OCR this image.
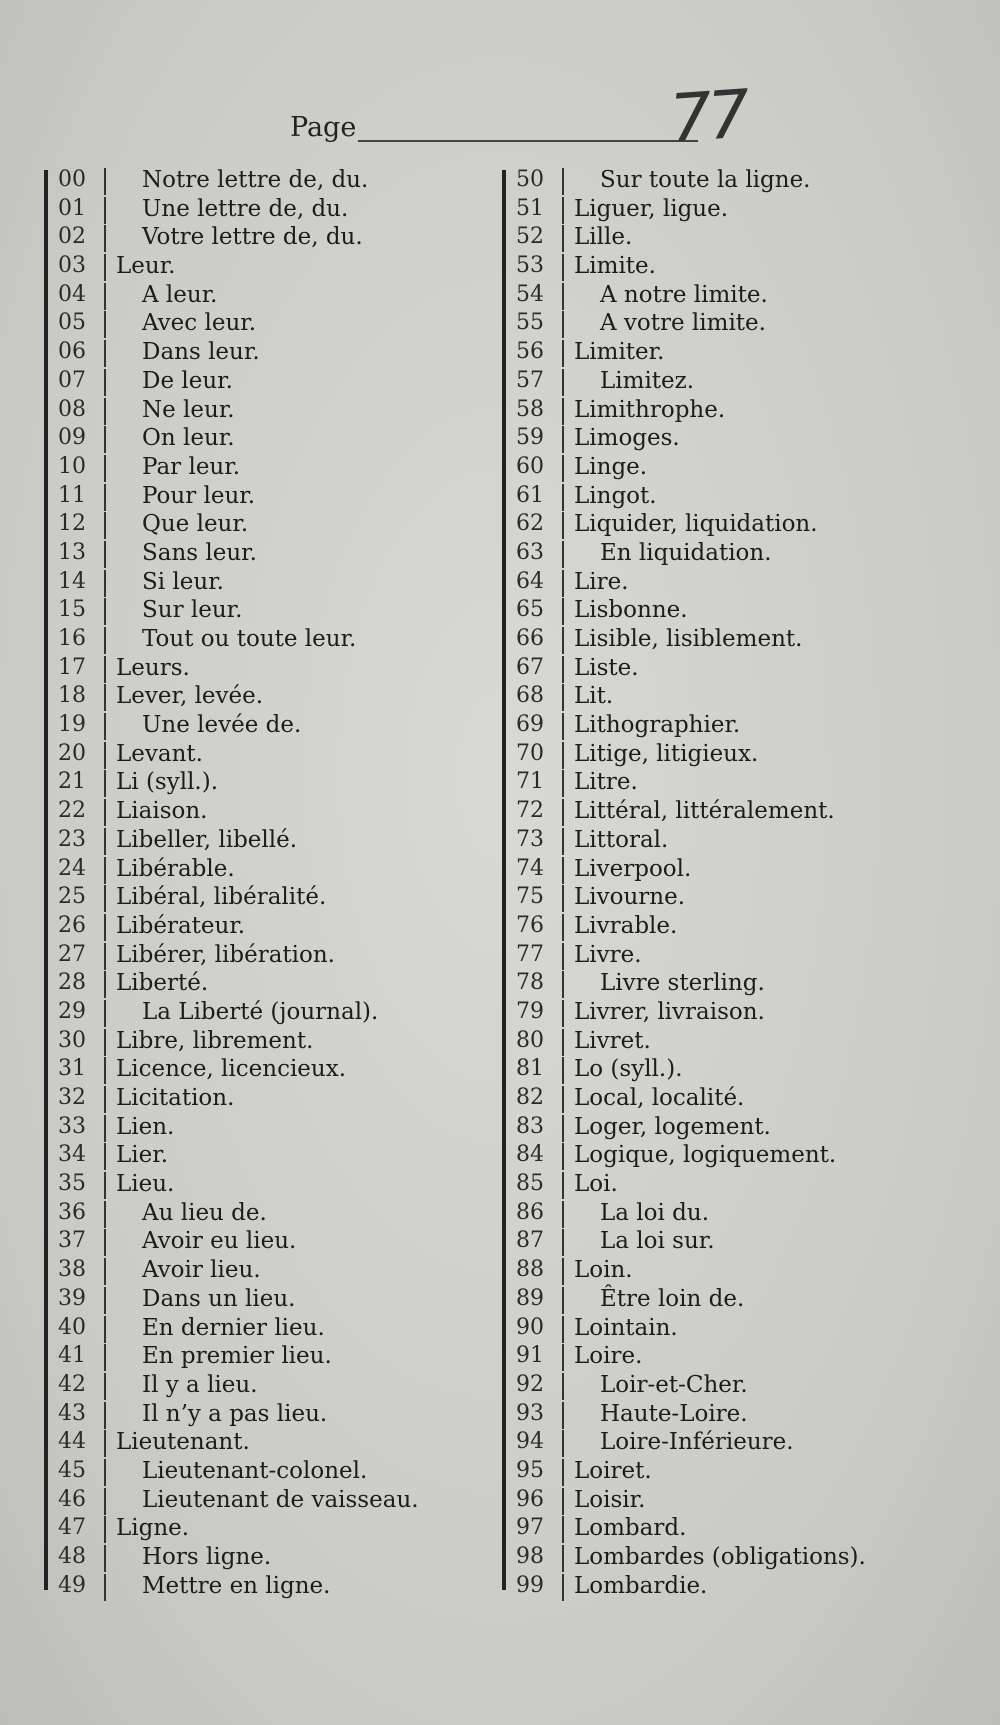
Page	77
00	Notre lettre de, du.
01	Une lettre de, du.
02	Votre lettre de, du.
03	Leur.
04	A leur.
05	Avec leur.
06	Dans leur.
07	De leur.
08	Ne leur.
09	On leur.
10	Par leur.
11	Pour leur.
12	Que leur.
13	Sans leur.
14	Si leur.
15	Sur leur.
16	Tout ou toute leur.
17	Leurs.
18	Lever, levée.
19	Une levée de.
20	Levant.
21	Li (syll.).
22	Liaison.
23	Libeller, libellé.
24	Libérable.
25	Libéral, libéralité.
26	Libérateur.
27	Libérer, libération.
28	Liberté.
29	La Liberté (journal).
30	Libre, librement.
31	Licence, licencieux.
32	Licitation.
33	Lien.
34	Lier.
35	Lieu.
36	Au lieu de.
37	Avoir eu lieu.
38	Avoir lieu.
39	Dans un lieu.
40	En dernier lieu.
41	En premier lieu.
42	Il y a lieu.
43	Il n’y a pas lieu.
44	Lieutenant.
45	Lieutenant-colonel.
46	Lieutenant de vaisseau.
47	Ligne.
48	Hors ligne.
49	Mettre en ligne.
50	Sur toute la ligne.
51	Liguer, ligue.
52	Lille.
53	Limite.
54	A notre limite.
55	A votre limite.
56	Limiter.
57	Limitez.
58	Limithrophe.
59	Limoges.
60	Linge.
61	Lingot.
62	Liquider, liquidation.
63	En liquidation.
64	Lire.
65	Lisbonne.
66	Lisible, lisiblement.
67	Liste.
68	Lit.
69	Lithographier.
70	Litige, litigieux.
71	Litre.
72	Littéral, littéralement.
73	Littoral.
74	Liverpool.
75	Livourne.
76	Livrable.
77	Livre.
78	Livre sterling.
79	Livrer, livraison.
80	Livret.
81	Lo (syll.).
82	Local, localité.
83	Loger, logement.
84	Logique, logiquement.
85	Loi.
86	La loi du.
87	La loi sur.
88	Loin.
89	Être loin de.
90	Lointain.
91	Loire.
92	Loir-et-Cher.
93	Haute-Loire.
94	Loire-Inférieure.
95	Loiret.
96	Loisir.
97	Lombard.
98	Lombardes (obligations).
99	Lombardie.
